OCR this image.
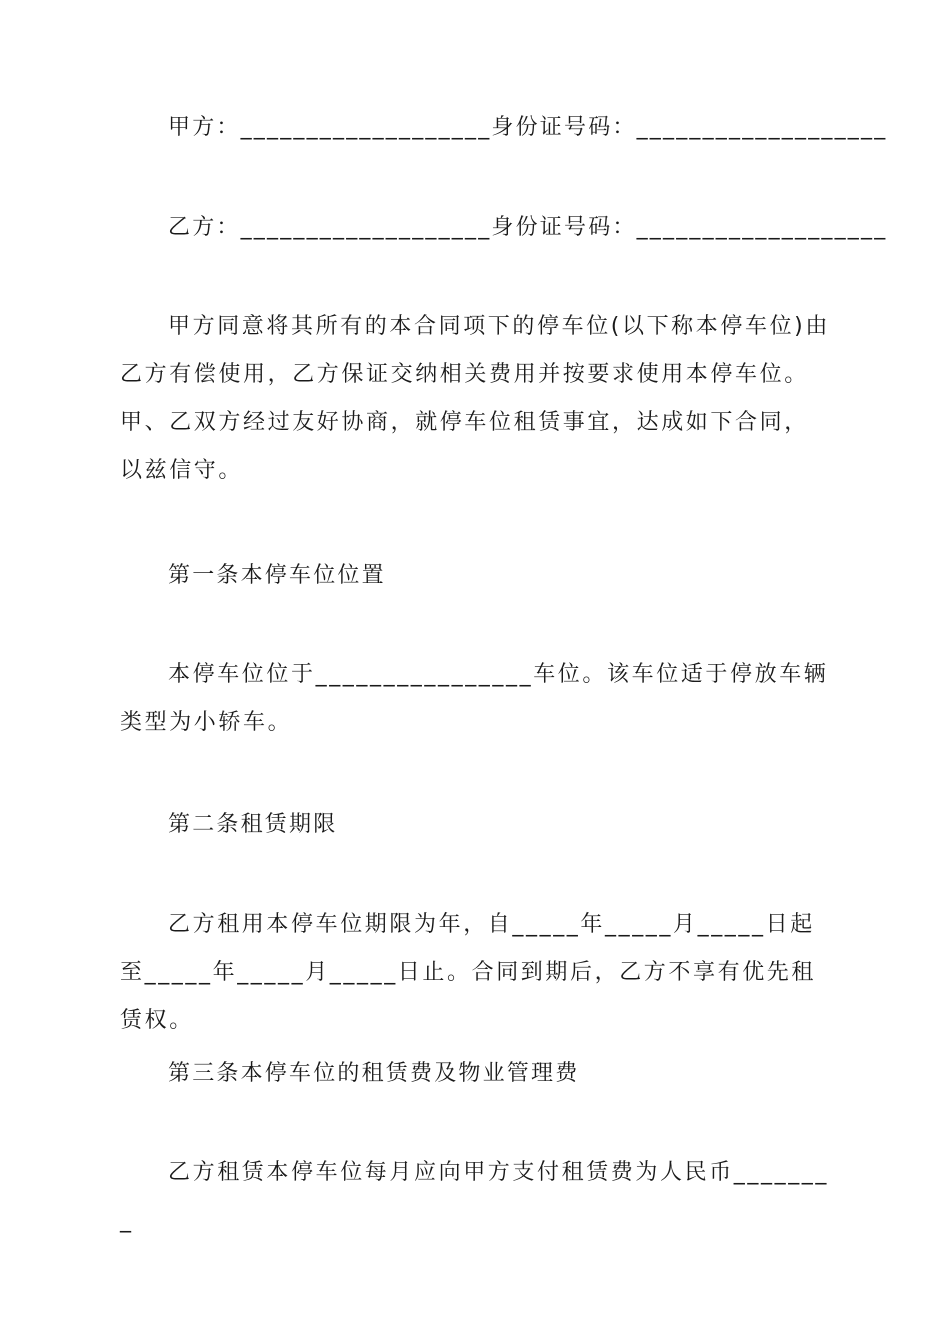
甲方：___________________身份证号码：___________________
乙方：___________________身份证号码：___________________
甲方同意将其所有的本合同项下的停车位(以下称本停车位)由乙方有偿使用，乙方保证交纳相关费用并按要求使用本停车位。甲、乙双方经过友好协商，就停车位租赁事宜，达成如下合同，以兹信守。
第一条本停车位位置
本停车位位于________________车位。该车位适于停放车辆类型为小轿车。
第二条租赁期限
乙方租用本停车位期限为年，自_____年_____月_____日起至_____年_____月_____日止。合同到期后，乙方不享有优先租赁权。
第三条本停车位的租赁费及物业管理费
乙方租赁本停车位每月应向甲方支付租赁费为人民币________
